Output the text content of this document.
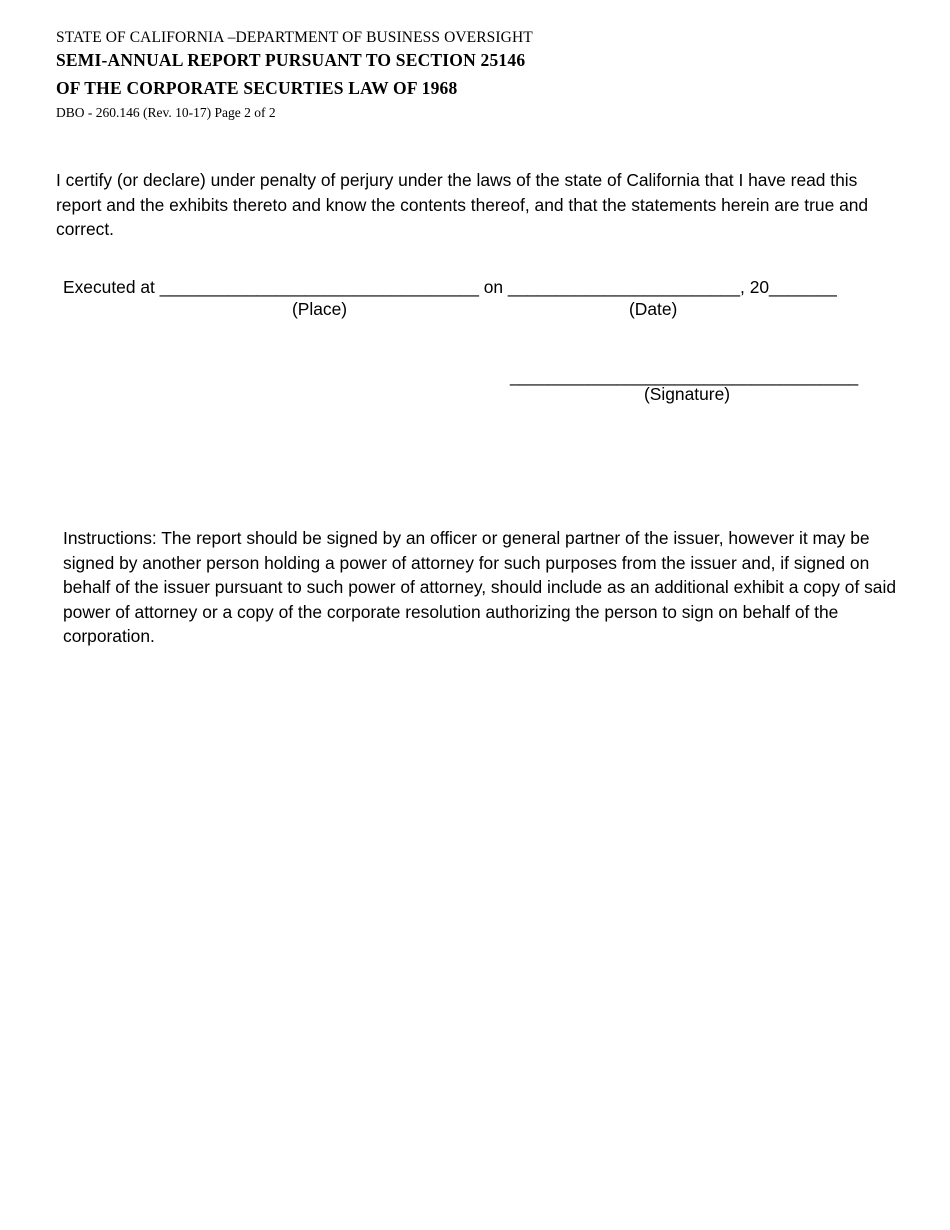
STATE OF CALIFORNIA –DEPARTMENT OF BUSINESS OVERSIGHT
SEMI-ANNUAL REPORT PURSUANT TO SECTION 25146
OF THE CORPORATE SECURTIES LAW OF 1968
DBO - 260.146 (Rev. 10-17) Page 2 of 2
I certify (or declare) under penalty of perjury under the laws of the state of California that I have read this report and the exhibits thereto and know the contents thereof, and that the statements herein are true and correct.
Executed at _________________________________ on ________________________, 20_______
(Place)	(Date)
____________________________________
(Signature)
Instructions: The report should be signed by an officer or general partner of the issuer, however it may be signed by another person holding a power of attorney for such purposes from the issuer and, if signed on behalf of the issuer pursuant to such power of attorney, should include as an additional exhibit a copy of said power of attorney or a copy of the corporate resolution authorizing the person to sign on behalf of the corporation.
